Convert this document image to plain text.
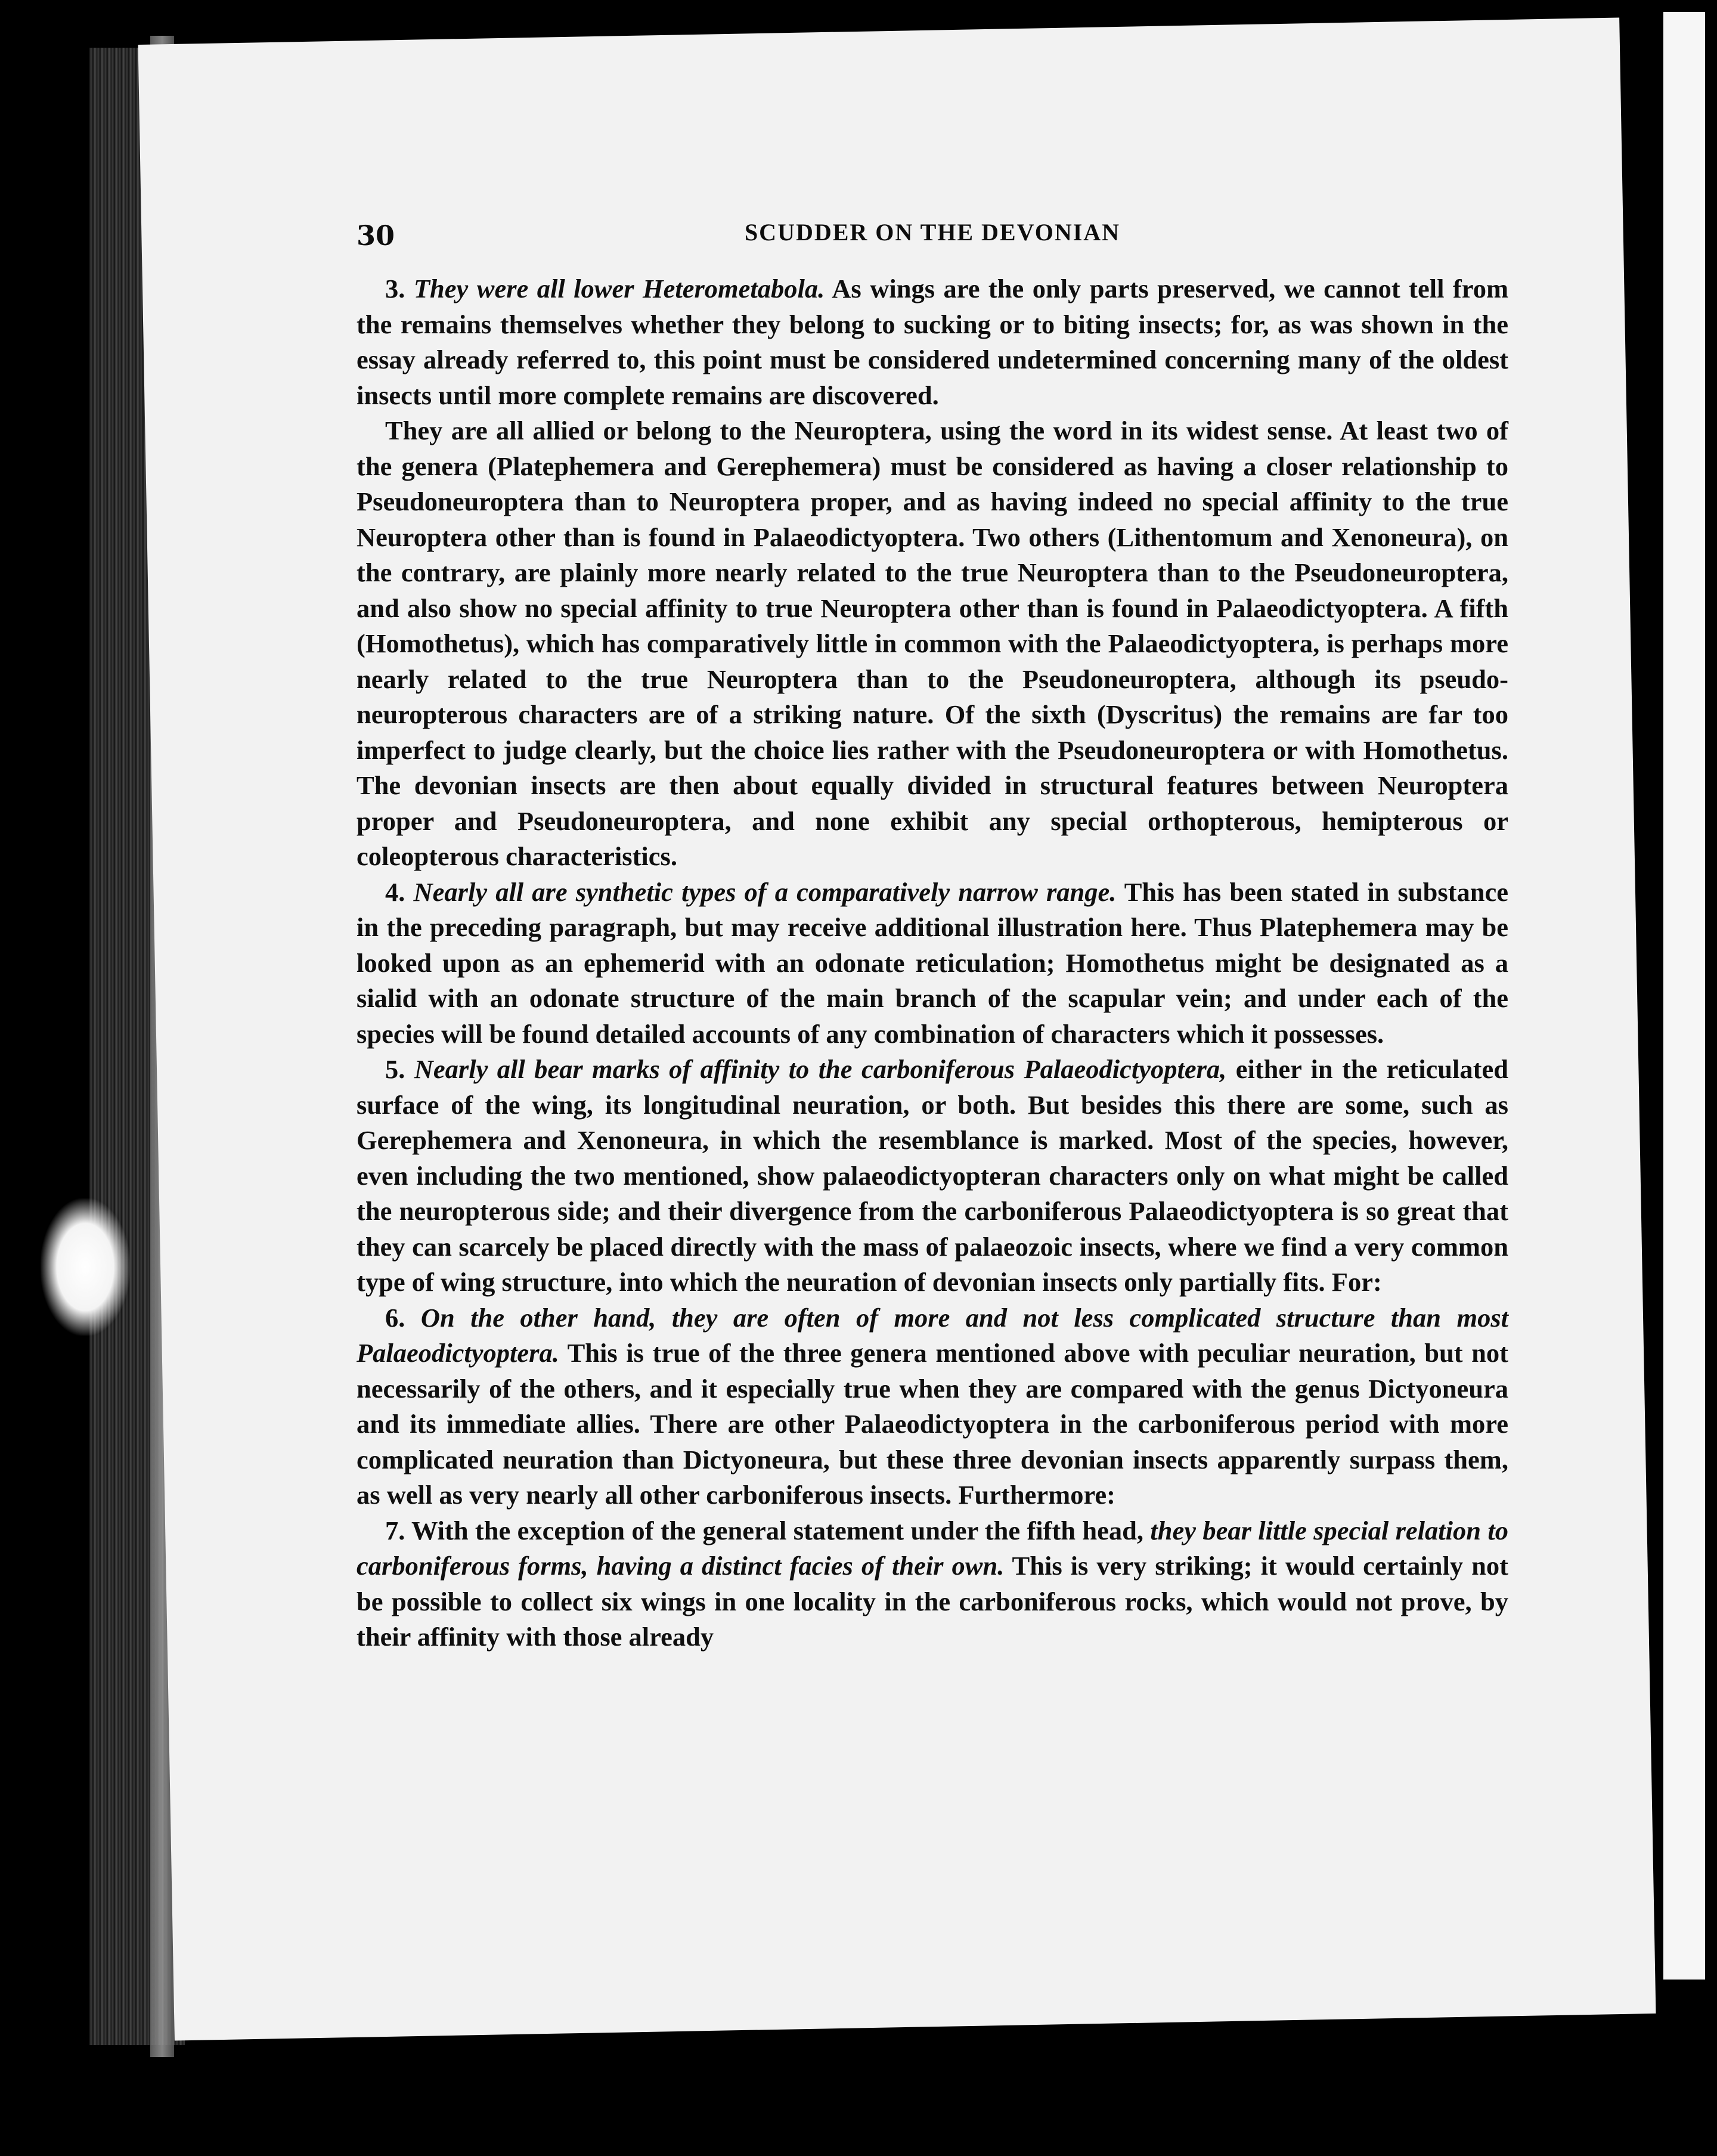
30	SCUDDER ON THE DEVONIAN

3. They were all lower Heterometabola. As wings are the only parts preserved, we cannot tell from the remains themselves whether they belong to sucking or to biting insects; for, as was shown in the essay already referred to, this point must be considered undetermined concerning many of the oldest insects until more complete remains are discovered.

They are all allied or belong to the Neuroptera, using the word in its widest sense. At least two of the genera (Platephemera and Gerephemera) must be considered as having a closer relationship to Pseudoneuroptera than to Neuroptera proper, and as having indeed no special affinity to the true Neuroptera other than is found in Palaeodictyoptera. Two others (Lithentomum and Xenoneura), on the contrary, are plainly more nearly related to the true Neuroptera than to the Pseudoneuroptera, and also show no special affinity to true Neuroptera other than is found in Palaeodictyoptera. A fifth (Homothetus), which has comparatively little in common with the Palaeodictyoptera, is perhaps more nearly related to the true Neuroptera than to the Pseudoneuroptera, although its pseudo-neuropterous characters are of a striking nature. Of the sixth (Dyscritus) the remains are far too imperfect to judge clearly, but the choice lies rather with the Pseudoneuroptera or with Homothetus. The devonian insects are then about equally divided in structural features between Neuroptera proper and Pseudoneuroptera, and none exhibit any special orthopterous, hemipterous or coleopterous characteristics.

4. Nearly all are synthetic types of a comparatively narrow range. This has been stated in substance in the preceding paragraph, but may receive additional illustration here. Thus Platephemera may be looked upon as an ephemerid with an odonate reticulation; Homothetus might be designated as a sialid with an odonate structure of the main branch of the scapular vein; and under each of the species will be found detailed accounts of any combination of characters which it possesses.

5. Nearly all bear marks of affinity to the carboniferous Palaeodictyoptera, either in the reticulated surface of the wing, its longitudinal neuration, or both. But besides this there are some, such as Gerephemera and Xenoneura, in which the resemblance is marked. Most of the species, however, even including the two mentioned, show palaeodictyopteran characters only on what might be called the neuropterous side; and their divergence from the carboniferous Palaeodictyoptera is so great that they can scarcely be placed directly with the mass of palaeozoic insects, where we find a very common type of wing structure, into which the neuration of devonian insects only partially fits. For:

6. On the other hand, they are often of more and not less complicated structure than most Palaeodictyoptera. This is true of the three genera mentioned above with peculiar neuration, but not necessarily of the others, and it especially true when they are compared with the genus Dictyoneura and its immediate allies. There are other Palaeodictyoptera in the carboniferous period with more complicated neuration than Dictyoneura, but these three devonian insects apparently surpass them, as well as very nearly all other carboniferous insects. Furthermore:

7. With the exception of the general statement under the fifth head, they bear little special relation to carboniferous forms, having a distinct facies of their own. This is very striking; it would certainly not be possible to collect six wings in one locality in the carboniferous rocks, which would not prove, by their affinity with those already
